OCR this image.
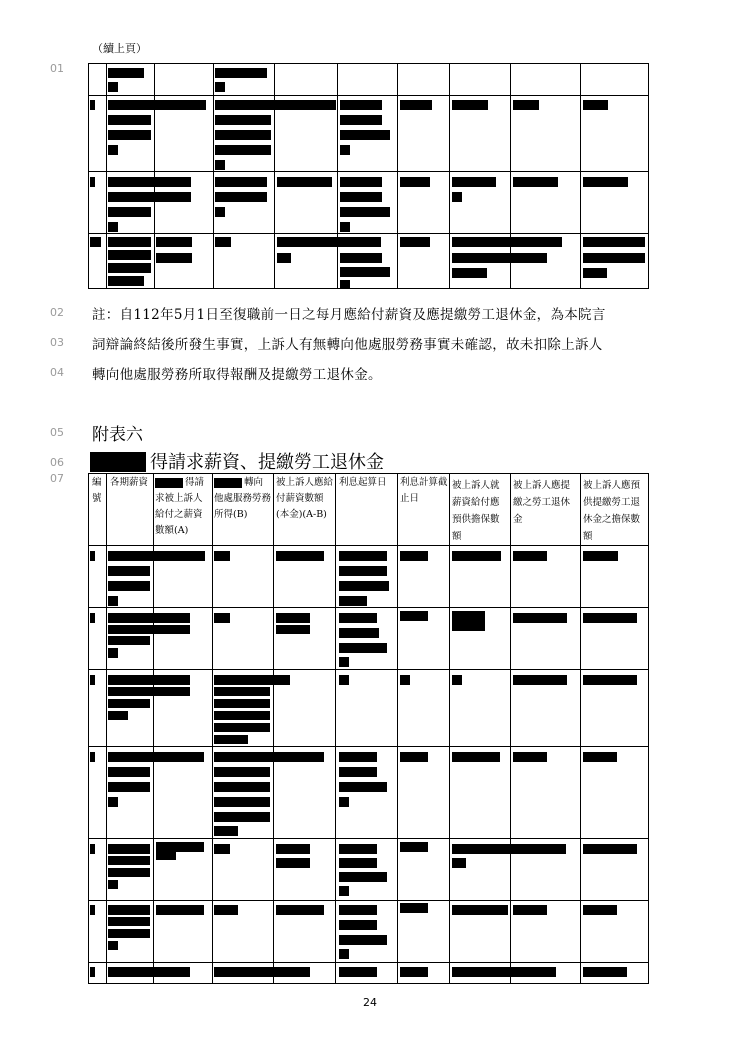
（續上頁）
01
02
03
04
05
06
07
註：自112年5月1日至復職前一日之每月應給付薪資及應提繳勞工退休金，為本院言
詞辯論終結後所發生事實，上訴人有無轉向他處服勞務事實未確認，故未扣除上訴人
轉向他處服勞務所取得報酬及提繳勞工退休金。
附表六
得請求薪資、提繳勞工退休金
編號
各期薪資	得請求被上訴人給付之薪資數額(A)
轉向他處服務勞務所得(B)
被上訴人應給付薪資數額(本金)(A-B)
利息起算日	利息計算截止日
被上訴人就薪資給付應預供擔保數額
被上訴人應提繳之勞工退休金
被上訴人應預供提繳勞工退休金之擔保數額
24
